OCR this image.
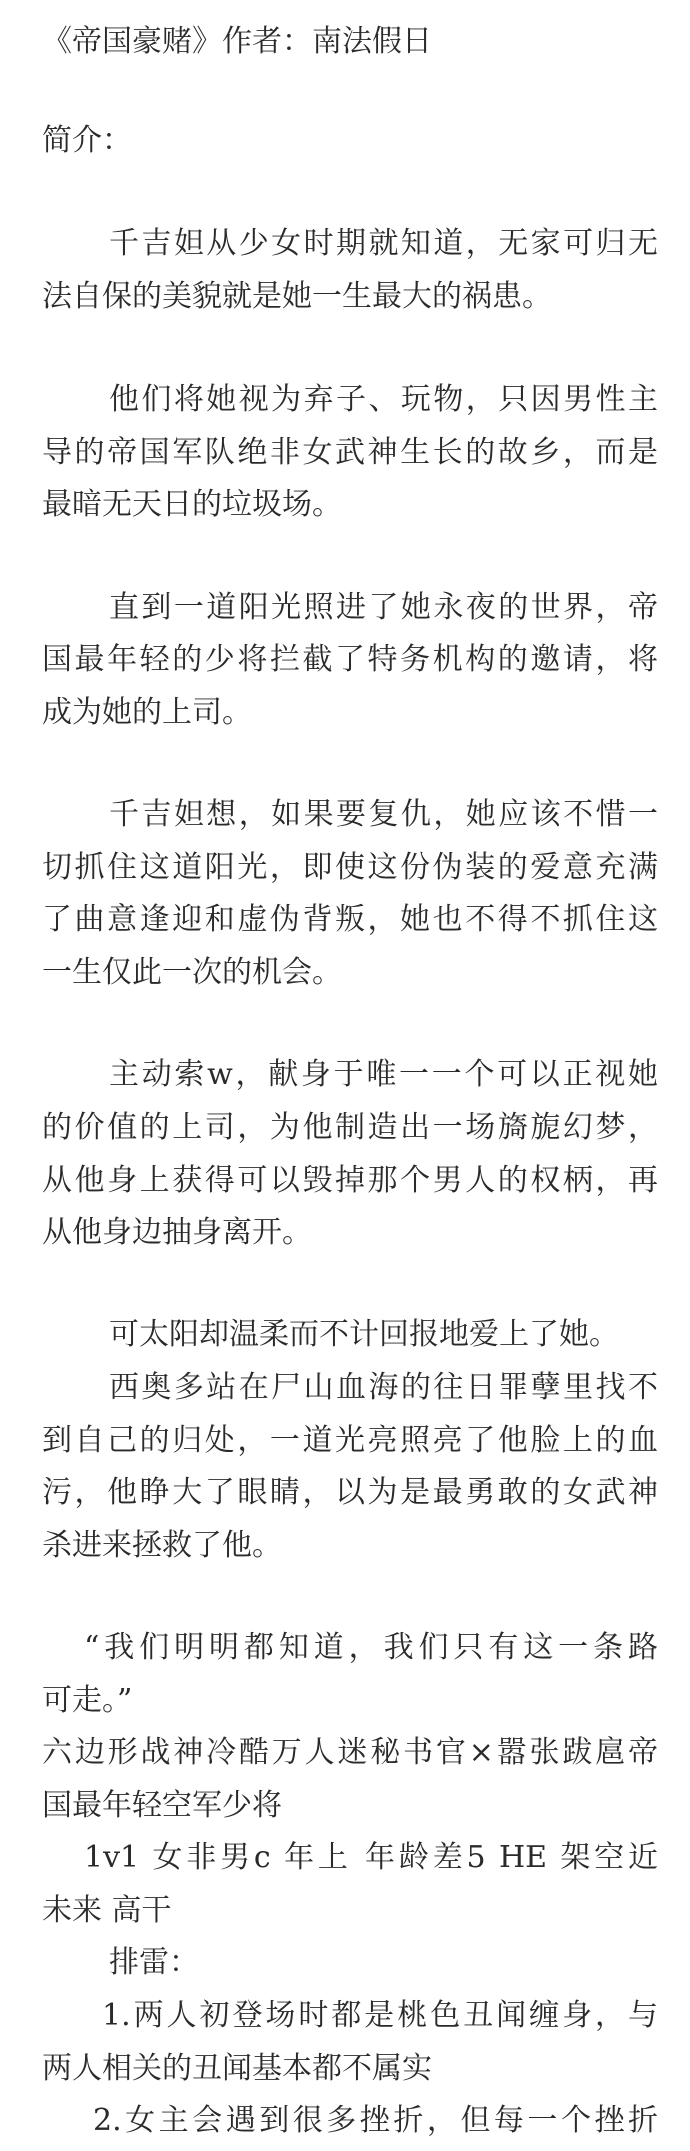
《帝国豪赌》作者：南法假日
简介：
千吉妲从少女时期就知道，无家可归无
法自保的美貌就是她一生最大的祸患。
他们将她视为弃子、玩物，只因男性主
导的帝国军队绝非女武神生长的故乡，而是
最暗无天日的垃圾场。
直到一道阳光照进了她永夜的世界，帝
国最年轻的少将拦截了特务机构的邀请，将
成为她的上司。
千吉妲想，如果要复仇，她应该不惜一
切抓住这道阳光，即使这份伪装的爱意充满
了曲意逢迎和虚伪背叛，她也不得不抓住这
一生仅此一次的机会。
主动索w，献身于唯一一个可以正视她
的价值的上司，为他制造出一场旖旎幻梦，
从他身上获得可以毁掉那个男人的权柄，再
从他身边抽身离开。
可太阳却温柔而不计回报地爱上了她。
西奥多站在尸山血海的往日罪孽里找不
到自己的归处，一道光亮照亮了他脸上的血
污，他睁大了眼睛，以为是最勇敢的女武神
杀进来拯救了他。
“我们明明都知道，我们只有这一条路
可走。”
六边形战神冷酷万人迷秘书官×嚣张跋扈帝
国最年轻空军少将
1v1 女非男c 年上 年龄差5 HE 架空近
未来 高干
排雷：
1.两人初登场时都是桃色丑闻缠身，与
两人相关的丑闻基本都不属实
2.女主会遇到很多挫折，但每一个挫折
